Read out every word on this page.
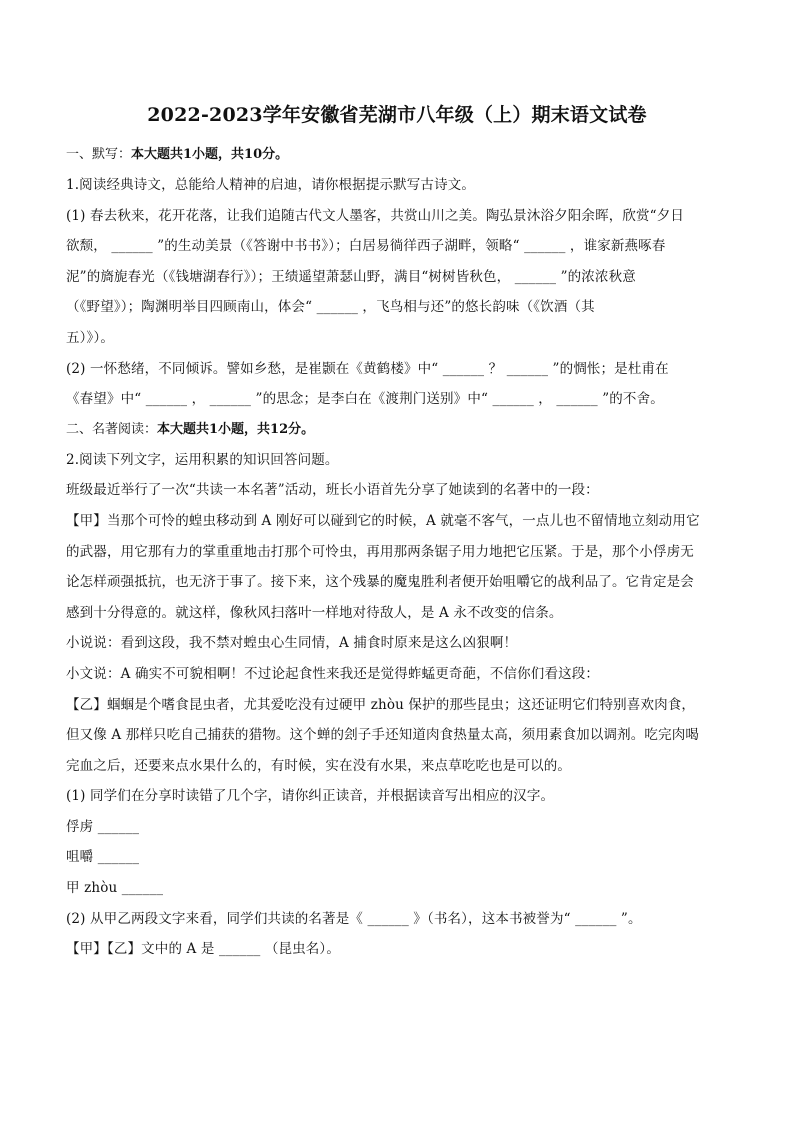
2022-2023学年安徽省芜湖市八年级（上）期末语文试卷
一、默写：本大题共1小题，共10分。
1.阅读经典诗文，总能给人精神的启迪，请你根据提示默写古诗文。
(1) 春去秋来，花开花落，让我们追随古代文人墨客，共赏山川之美。陶弘景沐浴夕阳余晖，欣赏“夕日
欲颓， ______ ”的生动美景（《答谢中书书》）；白居易徜徉西子湖畔，领略“ ______ ，谁家新燕啄春
泥”的旖旎春光（《钱塘湖春行》）；王绩遥望萧瑟山野，满目“树树皆秋色， ______ ”的浓浓秋意
（《野望》）；陶渊明举目四顾南山，体会“ ______ ，飞鸟相与还”的悠长韵味（《饮酒（其
五）》）。
(2) 一怀愁绪，不同倾诉。譬如乡愁，是崔颢在《黄鹤楼》中“ ______ ？ ______ ”的惆怅；是杜甫在
《春望》中“ ______ ， ______ ”的思念；是李白在《渡荆门送别》中“ ______ ， ______ ”的不舍。
二、名著阅读：本大题共1小题，共12分。
2.阅读下列文字，运用积累的知识回答问题。
班级最近举行了一次“共读一本名著”活动，班长小语首先分享了她读到的名著中的一段：
【甲】当那个可怜的蝗虫移动到 A 刚好可以碰到它的时候，A 就毫不客气，一点儿也不留情地立刻动用它
的武器，用它那有力的掌重重地击打那个可怜虫，再用那两条锯子用力地把它压紧。于是，那个小俘虏无
论怎样顽强抵抗，也无济于事了。接下来，这个残暴的魔鬼胜利者便开始咀嚼它的战利品了。它肯定是会
感到十分得意的。就这样，像秋风扫落叶一样地对待敌人，是 A 永不改变的信条。
小说说：看到这段，我不禁对蝗虫心生同情，A 捕食时原来是这么凶狠啊！
小文说：A 确实不可貌相啊！不过论起食性来我还是觉得蚱蜢更奇葩，不信你们看这段：
【乙】蝈蝈是个嗜食昆虫者，尤其爱吃没有过硬甲 zhòu 保护的那些昆虫；这还证明它们特别喜欢肉食，
但又像 A 那样只吃自己捕获的猎物。这个蝉的刽子手还知道肉食热量太高，须用素食加以调剂。吃完肉喝
完血之后，还要来点水果什么的，有时候，实在没有水果，来点草吃吃也是可以的。
(1) 同学们在分享时读错了几个字，请你纠正读音，并根据读音写出相应的汉字。
俘虏 ______
咀嚼 ______
甲 zhòu ______
(2) 从甲乙两段文字来看，同学们共读的名著是《 ______ 》（书名），这本书被誉为“ ______ ”。
【甲】【乙】文中的 A 是 ______ （昆虫名）。
